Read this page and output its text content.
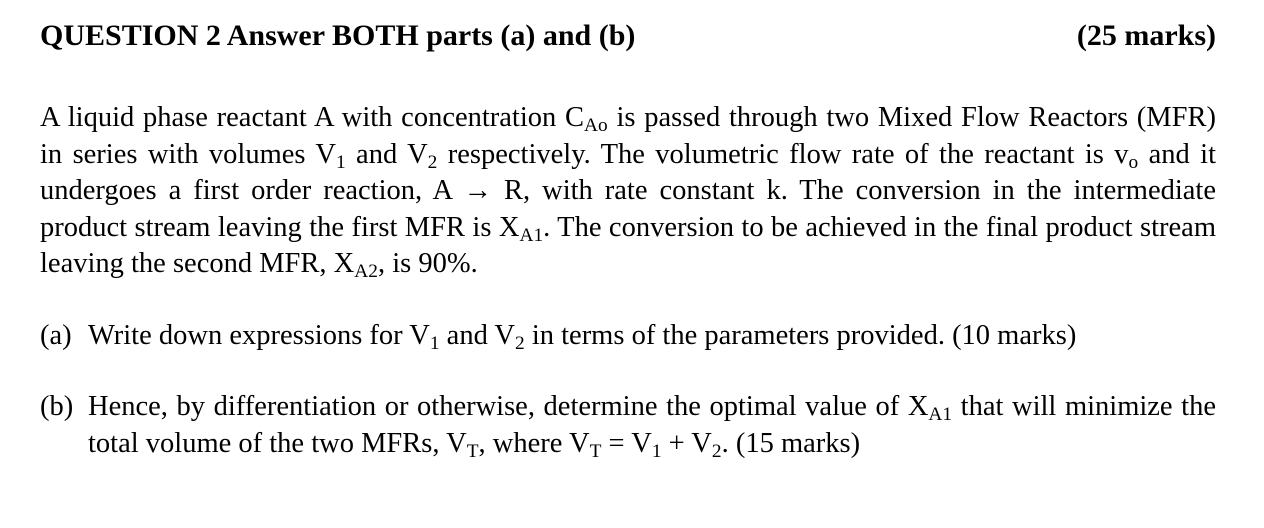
QUESTION 2 Answer BOTH parts (a) and (b)	(25 marks)
A liquid phase reactant A with concentration $C_{Ao}$ is passed through two Mixed Flow Reactors (MFR) in series with volumes $V_1$ and $V_2$ respectively. The volumetric flow rate of the reactant is $v_o$ and it undergoes a first order reaction, A → R, with rate constant k. The conversion in the intermediate product stream leaving the first MFR is $X_{A1}$. The conversion to be achieved in the final product stream leaving the second MFR, $X_{A2}$, is 90%.
(a) Write down expressions for $V_1$ and $V_2$ in terms of the parameters provided. (10 marks)
(b) Hence, by differentiation or otherwise, determine the optimal value of $X_{A1}$ that will minimize the total volume of the two MFRs, $V_T$, where $V_T = V_1 + V_2$. (15 marks)
